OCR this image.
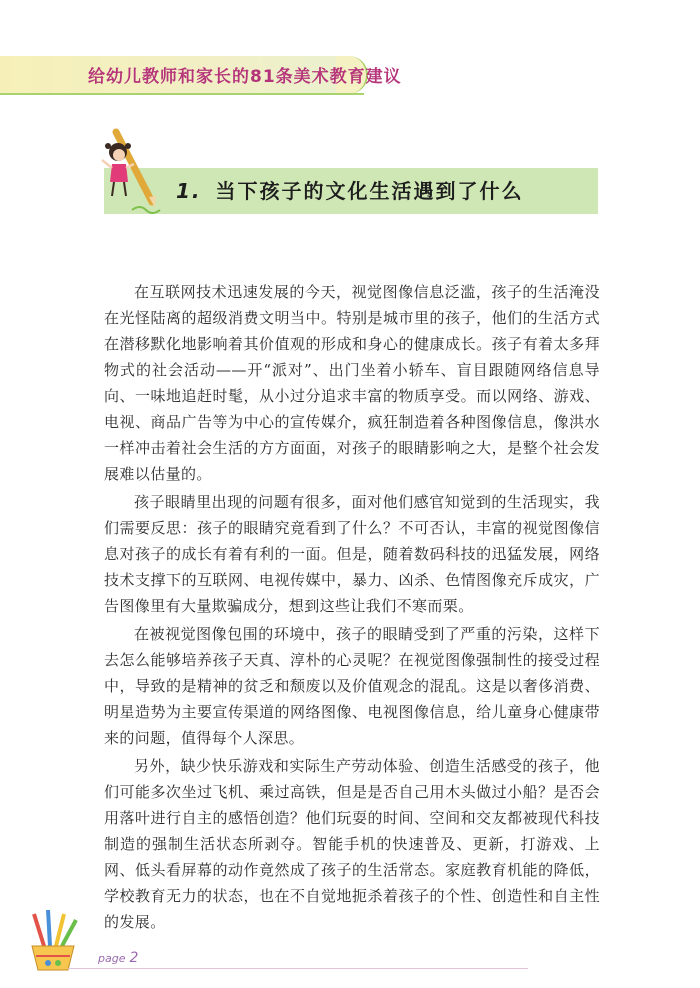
给幼儿教师和家长的81条美术教育建议
1. 当下孩子的文化生活遇到了什么

在互联网技术迅速发展的今天，视觉图像信息泛滥，孩子的生活淹没在光怪陆离的超级消费文明当中。特别是城市里的孩子，他们的生活方式在潜移默化地影响着其价值观的形成和身心的健康成长。孩子有着太多拜物式的社会活动——开“派对”、出门坐着小轿车、盲目跟随网络信息导向、一味地追赶时髦，从小过分追求丰富的物质享受。而以网络、游戏、电视、商品广告等为中心的宣传媒介，疯狂制造着各种图像信息，像洪水一样冲击着社会生活的方方面面，对孩子的眼睛影响之大，是整个社会发展难以估量的。

孩子眼睛里出现的问题有很多，面对他们感官知觉到的生活现实，我们需要反思：孩子的眼睛究竟看到了什么？不可否认，丰富的视觉图像信息对孩子的成长有着有利的一面。但是，随着数码科技的迅猛发展，网络技术支撑下的互联网、电视传媒中，暴力、凶杀、色情图像充斥成灾，广告图像里有大量欺骗成分，想到这些让我们不寒而栗。

在被视觉图像包围的环境中，孩子的眼睛受到了严重的污染，这样下去怎么能够培养孩子天真、淳朴的心灵呢？在视觉图像强制性的接受过程中，导致的是精神的贫乏和颓废以及价值观念的混乱。这是以奢侈消费、明星造势为主要宣传渠道的网络图像、电视图像信息，给儿童身心健康带来的问题，值得每个人深思。

另外，缺少快乐游戏和实际生产劳动体验、创造生活感受的孩子，他们可能多次坐过飞机、乘过高铁，但是是否自己用木头做过小船？是否会用落叶进行自主的感悟创造？他们玩耍的时间、空间和交友都被现代科技制造的强制生活状态所剥夺。智能手机的快速普及、更新，打游戏、上网、低头看屏幕的动作竟然成了孩子的生活常态。家庭教育机能的降低，学校教育无力的状态，也在不自觉地扼杀着孩子的个性、创造性和自主性的发展。

page 2
